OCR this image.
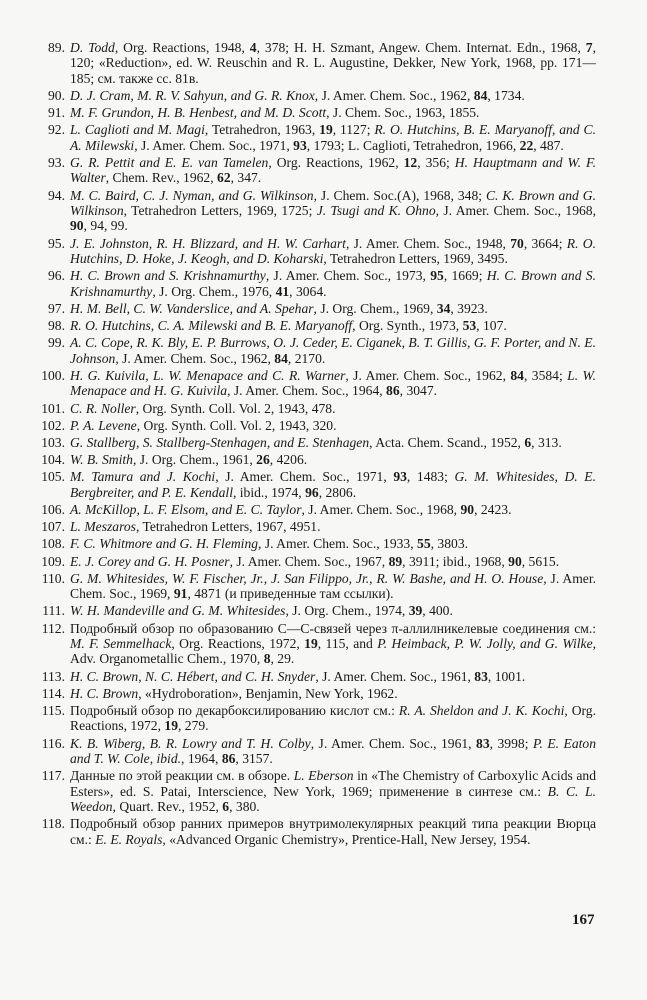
89. D. Todd, Org. Reactions, 1948, 4, 378; H. H. Szmant, Angew. Chem. Internat. Edn., 1968, 7, 120; «Reduction», ed. W. Reuschin and R. L. Augustine, Dekker, New York, 1968, pp. 171—185; см. также сс. 81в.
90. D. J. Cram, M. R. V. Sahyun, and G. R. Knox, J. Amer. Chem. Soc., 1962, 84, 1734.
91. M. F. Grundon, H. B. Henbest, and M. D. Scott, J. Chem. Soc., 1963, 1855.
92. L. Caglioti and M. Magi, Tetrahedron, 1963, 19, 1127; R. O. Hutchins, B. E. Maryanoff, and C. A. Milewski, J. Amer. Chem. Soc., 1971, 93, 1793; L. Caglioti, Tetrahedron, 1966, 22, 487.
93. G. R. Pettit and E. E. van Tamelen, Org. Reactions, 1962, 12, 356; H. Hauptmann and W. F. Walter, Chem. Rev., 1962, 62, 347.
94. M. C. Baird, C. J. Nyman, and G. Wilkinson, J. Chem. Soc.(A), 1968, 348; C. K. Brown and G. Wilkinson, Tetrahedron Letters, 1969, 1725; J. Tsugi and K. Ohno, J. Amer. Chem. Soc., 1968, 90, 94, 99.
95. J. E. Johnston, R. H. Blizzard, and H. W. Carhart, J. Amer. Chem. Soc., 1948, 70, 3664; R. O. Hutchins, D. Hoke, J. Keogh, and D. Koharski, Tetrahedron Letters, 1969, 3495.
96. H. C. Brown and S. Krishnamurthy, J. Amer. Chem. Soc., 1973, 95, 1669; H. C. Brown and S. Krishnamurthy, J. Org. Chem., 1976, 41, 3064.
97. H. M. Bell, C. W. Vanderslice, and A. Spehar, J. Org. Chem., 1969, 34, 3923.
98. R. O. Hutchins, C. A. Milewski and B. E. Maryanoff, Org. Synth., 1973, 53, 107.
99. A. C. Cope, R. K. Bly, E. P. Burrows, O. J. Ceder, E. Ciganek, B. T. Gillis, G. F. Porter, and N. E. Johnson, J. Amer. Chem. Soc., 1962, 84, 2170.
100. H. G. Kuivila, L. W. Menapace and C. R. Warner, J. Amer. Chem. Soc., 1962, 84, 3584; L. W. Menapace and H. G. Kuivila, J. Amer. Chem. Soc., 1964, 86, 3047.
101. C. R. Noller, Org. Synth. Coll. Vol. 2, 1943, 478.
102. P. A. Levene, Org. Synth. Coll. Vol. 2, 1943, 320.
103. G. Stallberg, S. Stallberg-Stenhagen, and E. Stenhagen, Acta. Chem. Scand., 1952, 6, 313.
104. W. B. Smith, J. Org. Chem., 1961, 26, 4206.
105. M. Tamura and J. Kochi, J. Amer. Chem. Soc., 1971, 93, 1483; G. M. Whitesides, D. E. Bergbreiter, and P. E. Kendall, ibid., 1974, 96, 2806.
106. A. McKillop, L. F. Elsom, and E. C. Taylor, J. Amer. Chem. Soc., 1968, 90, 2423.
107. L. Meszaros, Tetrahedron Letters, 1967, 4951.
108. F. C. Whitmore and G. H. Fleming, J. Amer. Chem. Soc., 1933, 55, 3803.
109. E. J. Corey and G. H. Posner, J. Amer. Chem. Soc., 1967, 89, 3911; ibid., 1968, 90, 5615.
110. G. M. Whitesides, W. F. Fischer, Jr., J. San Filippo, Jr., R. W. Bashe, and H. O. House, J. Amer. Chem. Soc., 1969, 91, 4871 (и приведенные там ссылки).
111. W. H. Mandeville and G. M. Whitesides, J. Org. Chem., 1974, 39, 400.
112. Подробный обзор по образованию C—C-связей через π-аллилникелевые соединения см.: M. F. Semmelhack, Org. Reactions, 1972, 19, 115, and P. Heimback, P. W. Jolly, and G. Wilke, Adv. Organometallic Chem., 1970, 8, 29.
113. H. C. Brown, N. C. Hébert, and C. H. Snyder, J. Amer. Chem. Soc., 1961, 83, 1001.
114. H. C. Brown, «Hydroboration», Benjamin, New York, 1962.
115. Подробный обзор по декарбоксилированию кислот см.: R. A. Sheldon and J. K. Kochi, Org. Reactions, 1972, 19, 279.
116. K. B. Wiberg, B. R. Lowry and T. H. Colby, J. Amer. Chem. Soc., 1961, 83, 3998; P. E. Eaton and T. W. Cole, ibid., 1964, 86, 3157.
117. Данные по этой реакции см. в обзоре. L. Eberson in «The Chemistry of Carboxylic Acids and Esters», ed. S. Patai, Interscience, New York, 1969; применение в синтезе см.: B. C. L. Weedon, Quart. Rev., 1952, 6, 380.
118. Подробный обзор ранних примеров внутримолекулярных реакций типа реакции Вюрца см.: E. E. Royals, «Advanced Organic Chemistry», Prentice-Hall, New Jersey, 1954.
167
